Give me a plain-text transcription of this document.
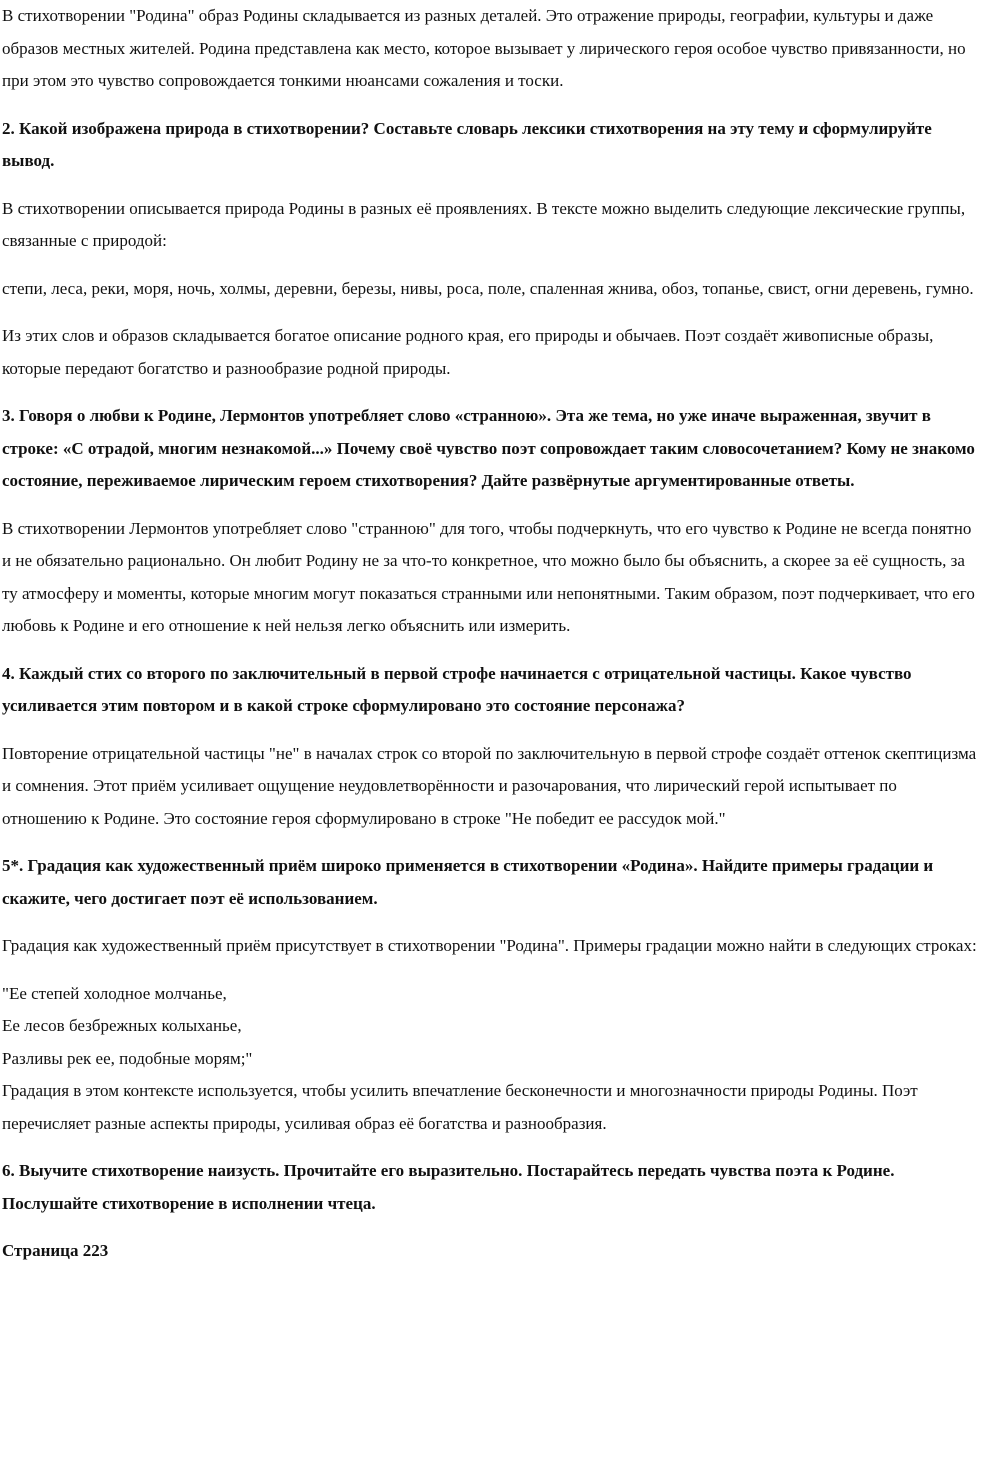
В стихотворении "Родина" образ Родины складывается из разных деталей. Это отражение природы, географии, культуры и даже образов местных жителей. Родина представлена как место, которое вызывает у лирического героя особое чувство привязанности, но при этом это чувство сопровождается тонкими нюансами сожаления и тоски.

2. Какой изображена природа в стихотворении? Составьте словарь лексики стихотворения на эту тему и сформулируйте вывод.

В стихотворении описывается природа Родины в разных её проявлениях. В тексте можно выделить следующие лексические группы, связанные с природой:

степи, леса, реки, моря, ночь, холмы, деревни, березы, нивы, роса, поле, спаленная жнива, обоз, топанье, свист, огни деревень, гумно.

Из этих слов и образов складывается богатое описание родного края, его природы и обычаев. Поэт создаёт живописные образы, которые передают богатство и разнообразие родной природы.

3. Говоря о любви к Родине, Лермонтов употребляет слово «странною». Эта же тема, но уже иначе выраженная, звучит в строке: «С отрадой, многим незнакомой...» Почему своё чувство поэт сопровождает таким словосочетанием? Кому не знакомо состояние, переживаемое лирическим героем стихотворения? Дайте развёрнутые аргументированные ответы.

В стихотворении Лермонтов употребляет слово "странною" для того, чтобы подчеркнуть, что его чувство к Родине не всегда понятно и не обязательно рационально. Он любит Родину не за что-то конкретное, что можно было бы объяснить, а скорее за её сущность, за ту атмосферу и моменты, которые многим могут показаться странными или непонятными. Таким образом, поэт подчеркивает, что его любовь к Родине и его отношение к ней нельзя легко объяснить или измерить.

4. Каждый стих со второго по заключительный в первой строфе начинается с отрицательной частицы. Какое чувство усиливается этим повтором и в какой строке сформулировано это состояние персонажа?

Повторение отрицательной частицы "не" в началах строк со второй по заключительную в первой строфе создаёт оттенок скептицизма и сомнения. Этот приём усиливает ощущение неудовлетворённости и разочарования, что лирический герой испытывает по отношению к Родине. Это состояние героя сформулировано в строке "Не победит ее рассудок мой."

5*. Градация как художественный приём широко применяется в стихотворении «Родина». Найдите примеры градации и скажите, чего достигает поэт её использованием.

Градация как художественный приём присутствует в стихотворении "Родина". Примеры градации можно найти в следующих строках:

"Ее степей холодное молчанье,

Ее лесов безбрежных колыханье,

Разливы рек ее, подобные морям;"

Градация в этом контексте используется, чтобы усилить впечатление бесконечности и многозначности природы Родины. Поэт перечисляет разные аспекты природы, усиливая образ её богатства и разнообразия.

6. Выучите стихотворение наизусть. Прочитайте его выразительно. Постарайтесь передать чувства поэта к Родине. Послушайте стихотворение в исполнении чтеца.

Страница 223
